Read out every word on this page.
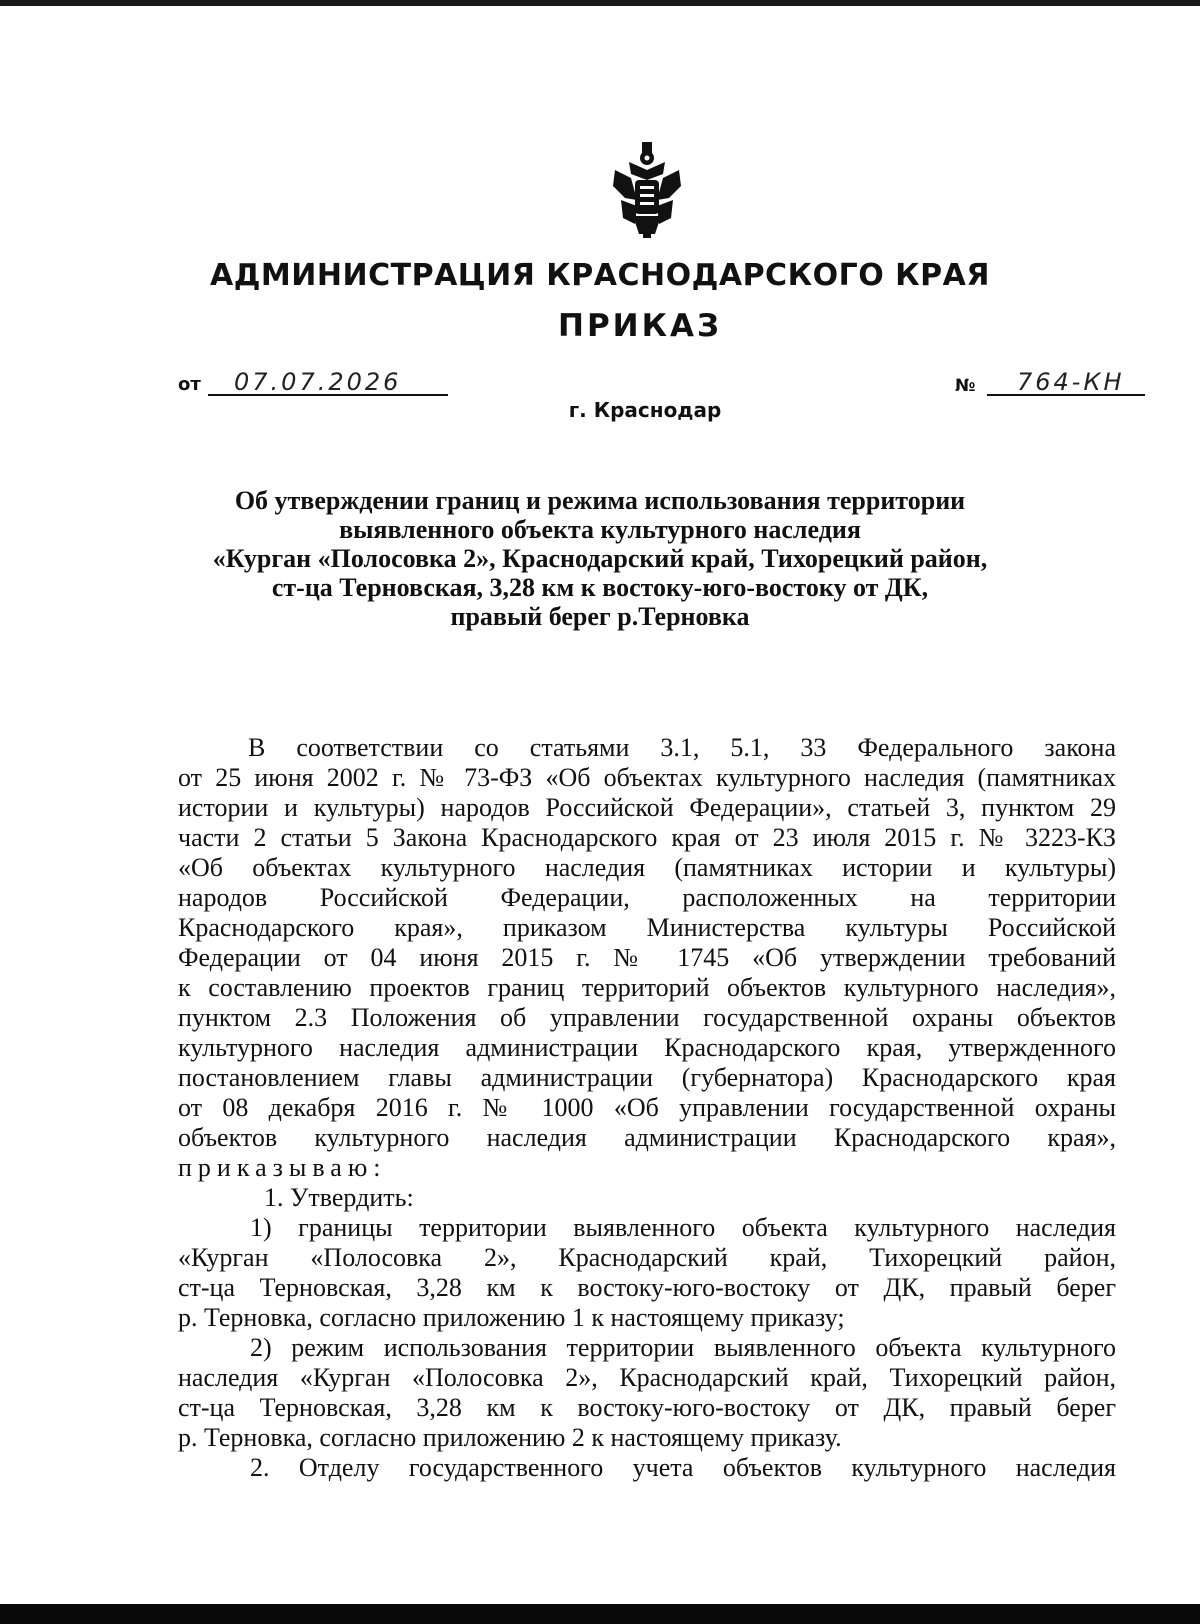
АДМИНИСТРАЦИЯ КРАСНОДАРСКОГО КРАЯ
ПРИКАЗ
от	07.07.2026	№	764-КН
г. Краснодар
Об утверждении границ и режима использования территории
выявленного объекта культурного наследия
«Курган «Полосовка 2», Краснодарский край, Тихорецкий район,
ст-ца Терновская, 3,28 км к востоку-юго-востоку от ДК,
правый берег р.Терновка
В соответствии со статьями 3.1, 5.1, 33 Федерального закона
от 25 июня 2002 г. № 73-ФЗ «Об объектах культурного наследия (памятниках
истории и культуры) народов Российской Федерации», статьей 3, пунктом 29
части 2 статьи 5 Закона Краснодарского края от 23 июля 2015 г. № 3223-КЗ
«Об объектах культурного наследия (памятниках истории и культуры)
народов Российской Федерации, расположенных на территории
Краснодарского края», приказом Министерства культуры Российской
Федерации от 04 июня 2015 г. № 1745 «Об утверждении требований
к составлению проектов границ территорий объектов культурного наследия»,
пунктом 2.3 Положения об управлении государственной охраны объектов
культурного наследия администрации Краснодарского края, утвержденного
постановлением главы администрации (губернатора) Краснодарского края
от 08 декабря 2016 г. № 1000 «Об управлении государственной охраны
объектов культурного наследия администрации Краснодарского края»,
приказываю:
1. Утвердить:
1) границы территории выявленного объекта культурного наследия
«Курган «Полосовка 2», Краснодарский край, Тихорецкий район,
ст-ца Терновская, 3,28 км к востоку-юго-востоку от ДК, правый берег
р. Терновка, согласно приложению 1 к настоящему приказу;
2) режим использования территории выявленного объекта культурного
наследия «Курган «Полосовка 2», Краснодарский край, Тихорецкий район,
ст-ца Терновская, 3,28 км к востоку-юго-востоку от ДК, правый берег
р. Терновка, согласно приложению 2 к настоящему приказу.
2. Отделу государственного учета объектов культурного наследия
